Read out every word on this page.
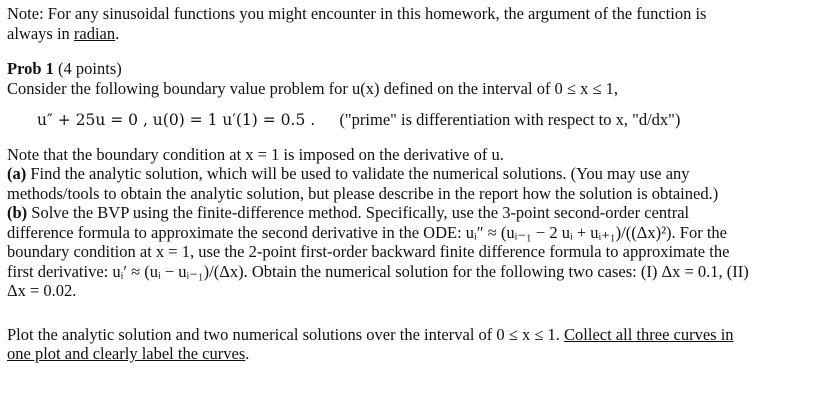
Note: For any sinusoidal functions you might encounter in this homework, the argument of the function is
always in radian.
Prob 1 (4 points)
Consider the following boundary value problem for u(x) defined on the interval of 0 ≤ x ≤ 1,
u″ + 25u = 0 , u(0) = 1 u′(1) = 0.5 . ("prime" is differentiation with respect to x, "d/dx")
Note that the boundary condition at x = 1 is imposed on the derivative of u.
(a) Find the analytic solution, which will be used to validate the numerical solutions. (You may use any
methods/tools to obtain the analytic solution, but please describe in the report how the solution is obtained.)
(b) Solve the BVP using the finite-difference method. Specifically, use the 3-point second-order central
difference formula to approximate the second derivative in the ODE: uᵢ″ ≈ (uᵢ₋₁ − 2 uᵢ + uᵢ₊₁)/((Δx)²). For the
boundary condition at x = 1, use the 2-point first-order backward finite difference formula to approximate the
first derivative: uᵢ′ ≈ (uᵢ − uᵢ₋₁)/(Δx). Obtain the numerical solution for the following two cases: (I) Δx = 0.1, (II)
Δx = 0.02.
Plot the analytic solution and two numerical solutions over the interval of 0 ≤ x ≤ 1. Collect all three curves in
one plot and clearly label the curves.
